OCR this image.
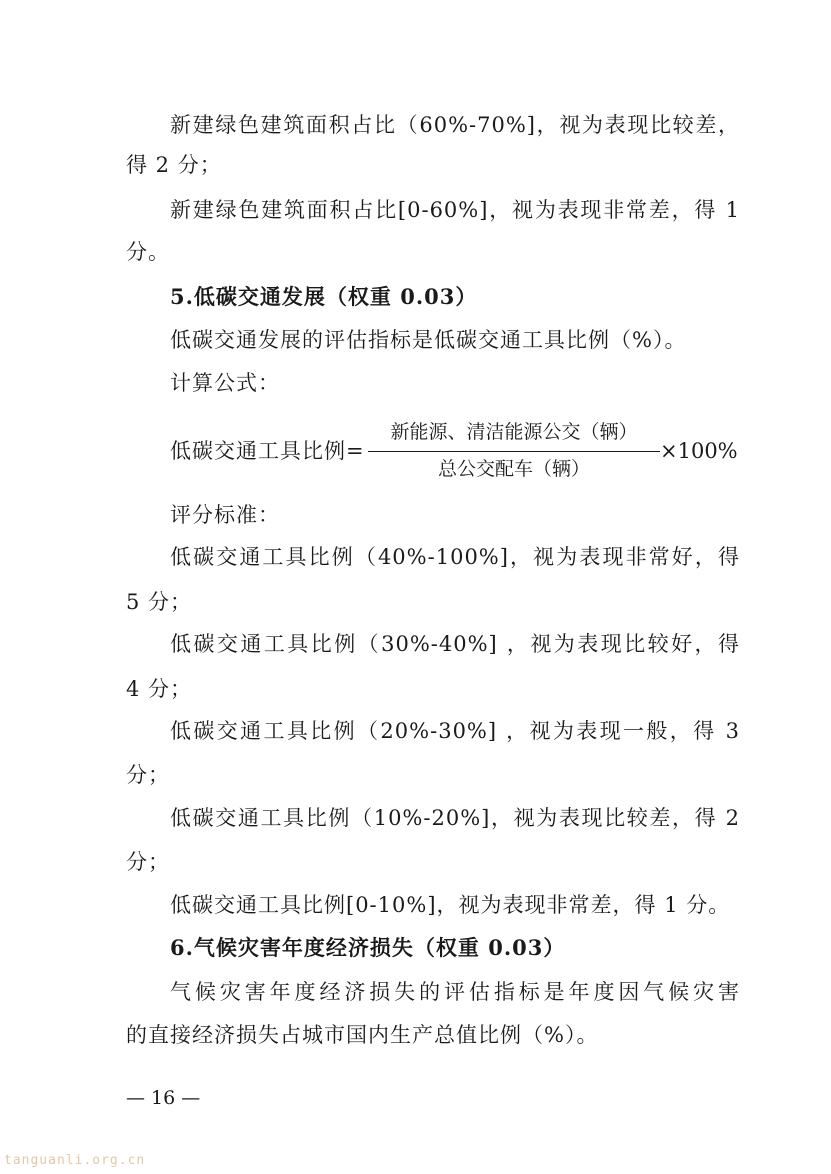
新建绿色建筑面积占比（60%-70%]，视为表现比较差，
得 2 分；
新建绿色建筑面积占比[0-60%]，视为表现非常差，得 1
分。
5.低碳交通发展（权重 0.03）
低碳交通发展的评估指标是低碳交通工具比例（%）。
计算公式：
低碳交通工具比例=
新能源、清洁能源公交（辆）
总公交配车（辆）
×100%
评分标准：
低碳交通工具比例（40%-100%]，视为表现非常好，得
5 分；
低碳交通工具比例（30%-40%] ，视为表现比较好，得
4 分；
低碳交通工具比例（20%-30%] ，视为表现一般，得 3
分；
低碳交通工具比例（10%-20%]，视为表现比较差，得 2
分；
低碳交通工具比例[0-10%]，视为表现非常差，得 1 分。
6.气候灾害年度经济损失（权重 0.03）
气候灾害年度经济损失的评估指标是年度因气候灾害
的直接经济损失占城市国内生产总值比例（%）。
— 16 —
tanguanli.org.cn
